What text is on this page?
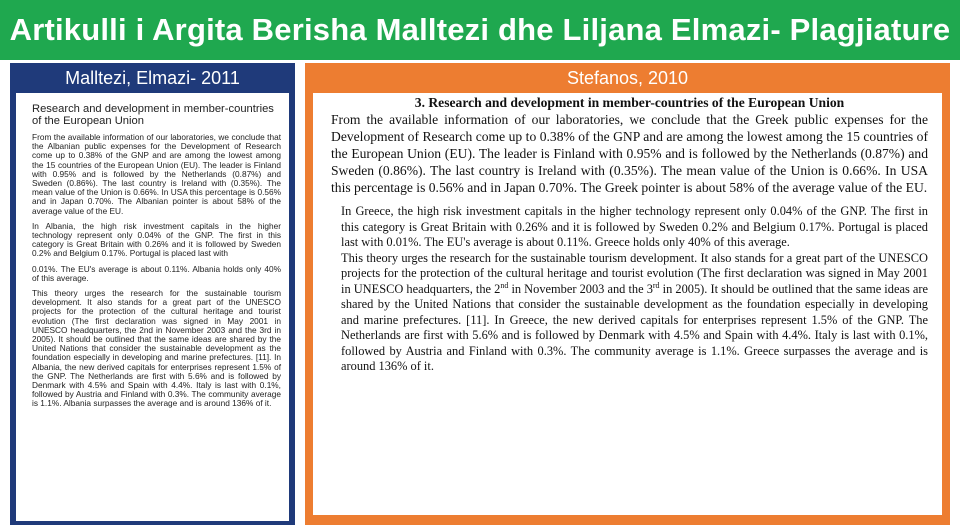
Artikulli i Argita Berisha Malltezi dhe Liljana Elmazi- Plagjiature
Malltezi, Elmazi- 2011
Research and development in member-countries of the European Union

From the available information of our laboratories, we conclude that the Albanian public expenses for the Development of Research come up to 0.38% of the GNP and are among the lowest among the 15 countries of the European Union (EU). The leader is Finland with 0.95% and is followed by the Netherlands (0.87%) and Sweden (0.86%). The last country is Ireland with (0.35%). The mean value of the Union is 0.66%. In USA this percentage is 0.56% and in Japan 0.70%. The Albanian pointer is about 58% of the average value of the EU.

In Albania, the high risk investment capitals in the higher technology represent only 0.04% of the GNP. The first in this category is Great Britain with 0.26% and it is followed by Sweden 0.2% and Belgium 0.17%. Portugal is placed last with

0.01%. The EU's average is about 0.11%. Albania holds only 40% of this average.

This theory urges the research for the sustainable tourism development. It also stands for a great part of the UNESCO projects for the protection of the cultural heritage and tourist evolution (The first declaration was signed in May 2001 in UNESCO headquarters, the 2nd in November 2003 and the 3rd in 2005). It should be outlined that the same ideas are shared by the United Nations that consider the sustainable development as the foundation especially in developing and marine prefectures. [11]. In Albania, the new derived capitals for enterprises represent 1.5% of the GNP. The Netherlands are first with 5.6% and is followed by Denmark with 4.5% and Spain with 4.4%. Italy is last with 0.1%, followed by Austria and Finland with 0.3%. The community average is 1.1%. Albania surpasses the average and is around 136% of it.

Stefanos, 2010
3. Research and development in member-countries of the European Union

From the available information of our laboratories, we conclude that the Greek public expenses for the Development of Research come up to 0.38% of the GNP and are among the lowest among the 15 countries of the European Union (EU). The leader is Finland with 0.95% and is followed by the Netherlands (0.87%) and Sweden (0.86%). The last country is Ireland with (0.35%). The mean value of the Union is 0.66%. In USA this percentage is 0.56% and in Japan 0.70%. The Greek pointer is about 58% of the average value of the EU.

In Greece, the high risk investment capitals in the higher technology represent only 0.04% of the GNP. The first in this category is Great Britain with 0.26% and it is followed by Sweden 0.2% and Belgium 0.17%. Portugal is placed last with 0.01%. The EU's average is about 0.11%. Greece holds only 40% of this average.

This theory urges the research for the sustainable tourism development. It also stands for a great part of the UNESCO projects for the protection of the cultural heritage and tourist evolution (The first declaration was signed in May 2001 in UNESCO headquarters, the 2nd in November 2003 and the 3rd in 2005). It should be outlined that the same ideas are shared by the United Nations that consider the sustainable development as the foundation especially in developing and marine prefectures. [11]. In Greece, the new derived capitals for enterprises represent 1.5% of the GNP. The Netherlands are first with 5.6% and is followed by Denmark with 4.5% and Spain with 4.4%. Italy is last with 0.1%, followed by Austria and Finland with 0.3%. The community average is 1.1%. Greece surpasses the average and is around 136% of it.
